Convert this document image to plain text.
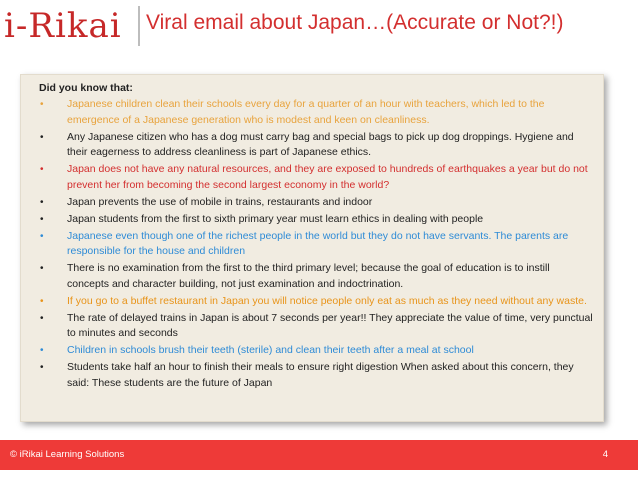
i-Rikai Viral email about Japan…(Accurate or Not?!)
Did you know that:
• Japanese children clean their schools every day for a quarter of an hour with teachers, which led to the emergence of a Japanese generation who is modest and keen on cleanliness.
• Any Japanese citizen who has a dog must carry bag and special bags to pick up dog droppings. Hygiene and their eagerness to address cleanliness is part of Japanese ethics.
• Japan does not have any natural resources, and they are exposed to hundreds of earthquakes a year but do not prevent her from becoming the second largest economy in the world?
• Japan prevents the use of mobile in trains, restaurants and indoor
• Japan students from the first to sixth primary year must learn ethics in dealing with people
• Japanese even though one of the richest people in the world but they do not have servants. The parents are responsible for the house and children
• There is no examination from the first to the third primary level; because the goal of education is to instill concepts and character building, not just examination and indoctrination.
• If you go to a buffet restaurant in Japan you will notice people only eat as much as they need without any waste.
• The rate of delayed trains in Japan is about 7 seconds per year!! They appreciate the value of time, very punctual to minutes and seconds
• Children in schools brush their teeth (sterile) and clean their teeth after a meal at school
• Students take half an hour to finish their meals to ensure right digestion When asked about this concern, they said: These students are the future of Japan
© iRikai Learning Solutions	4
